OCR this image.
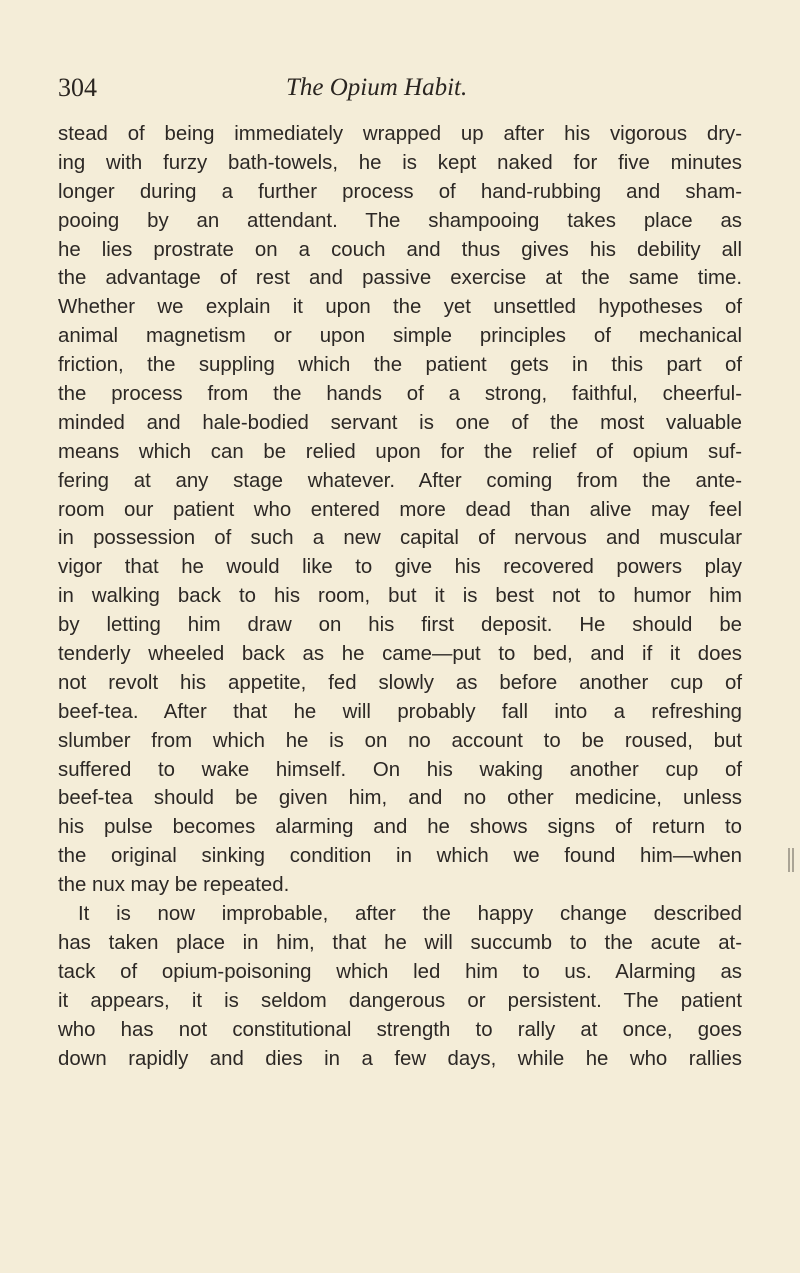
304	The Opium Habit.
stead of being immediately wrapped up after his vigorous dry-
ing with furzy bath-towels, he is kept naked for five minutes
longer during a further process of hand-rubbing and sham-
pooing by an attendant. The shampooing takes place as
he lies prostrate on a couch and thus gives his debility all
the advantage of rest and passive exercise at the same time.
Whether we explain it upon the yet unsettled hypotheses of
animal magnetism or upon simple principles of mechanical
friction, the suppling which the patient gets in this part of
the process from the hands of a strong, faithful, cheerful-
minded and hale-bodied servant is one of the most valuable
means which can be relied upon for the relief of opium suf-
fering at any stage whatever. After coming from the ante-
room our patient who entered more dead than alive may feel
in possession of such a new capital of nervous and muscular
vigor that he would like to give his recovered powers play
in walking back to his room, but it is best not to humor him
by letting him draw on his first deposit. He should be
tenderly wheeled back as he came—put to bed, and if it does
not revolt his appetite, fed slowly as before another cup of
beef-tea. After that he will probably fall into a refreshing
slumber from which he is on no account to be roused, but
suffered to wake himself. On his waking another cup of
beef-tea should be given him, and no other medicine, unless
his pulse becomes alarming and he shows signs of return to
the original sinking condition in which we found him—when
the nux may be repeated.
It is now improbable, after the happy change described
has taken place in him, that he will succumb to the acute at-
tack of opium-poisoning which led him to us. Alarming as
it appears, it is seldom dangerous or persistent. The patient
who has not constitutional strength to rally at once, goes
down rapidly and dies in a few days, while he who rallies
